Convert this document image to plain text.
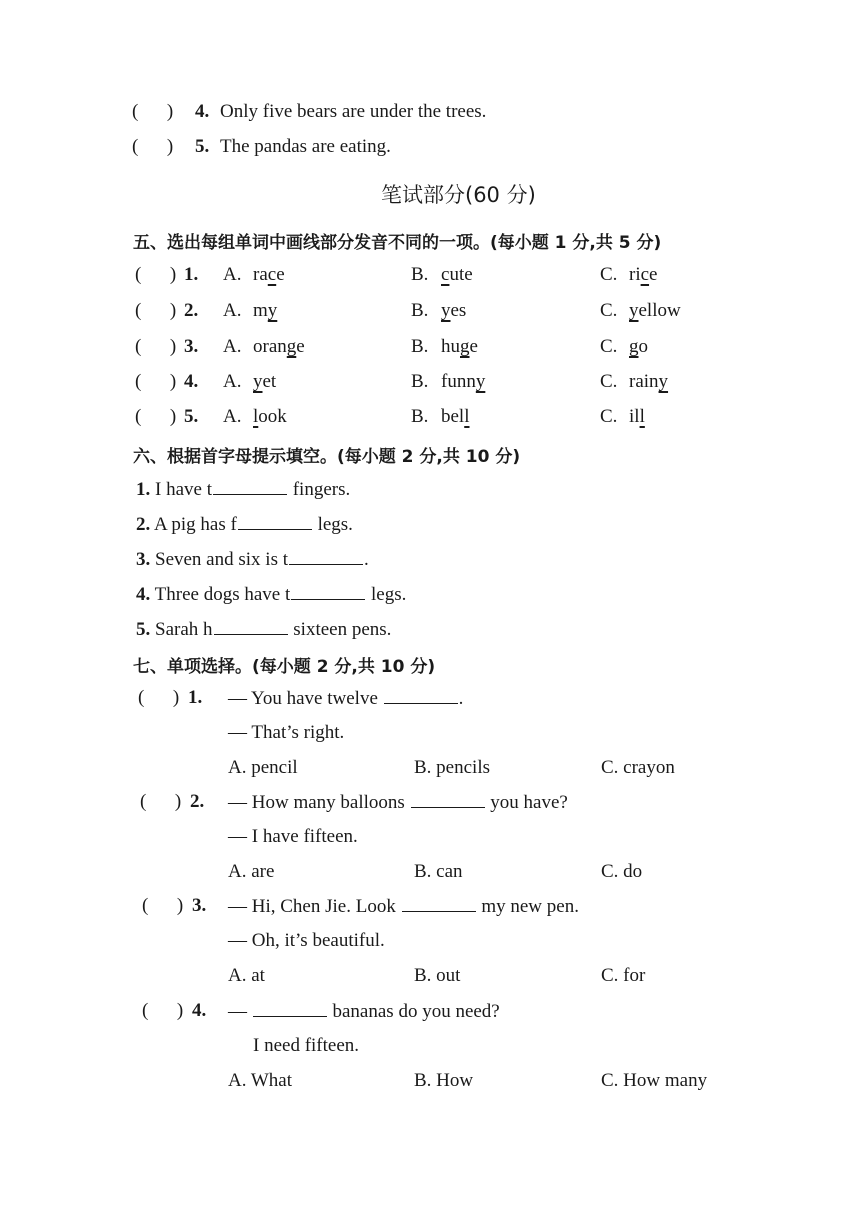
(      ) 4. Only five bears are under the trees.
(      ) 5. The pandas are eating.
笔试部分(60 分)
五、选出每组单词中画线部分发音不同的一项。(每小题 1 分,共 5 分)
(      ) 1. A. race	B. cute	C. rice
(      ) 2. A. my	B. yes	C. yellow
(      ) 3. A. orange	B. huge	C. go
(      ) 4. A. yet	B. funny	C. rainy
(      ) 5. A. look	B. bell	C. ill
六、根据首字母提示填空。(每小题 2 分,共 10 分)
1. I have t	fingers.
2. A pig has f	legs.
3. Seven and six is t	.
4. Three dogs have t	legs.
5. Sarah h	sixteen pens.
七、单项选择。(每小题 2 分,共 10 分)
(      ) 1. — You have twelve	.
— That’s right.
A. pencil	B. pencils	C. crayon
(      ) 2. — How many balloons	you have?
— I have fifteen.
A. are	B. can	C. do
(      ) 3. — Hi, Chen Jie. Look	my new pen.
— Oh, it’s beautiful.
A. at	B. out	C. for
(      ) 4. —	bananas do you need?
I need fifteen.
A. What	B. How	C. How many
